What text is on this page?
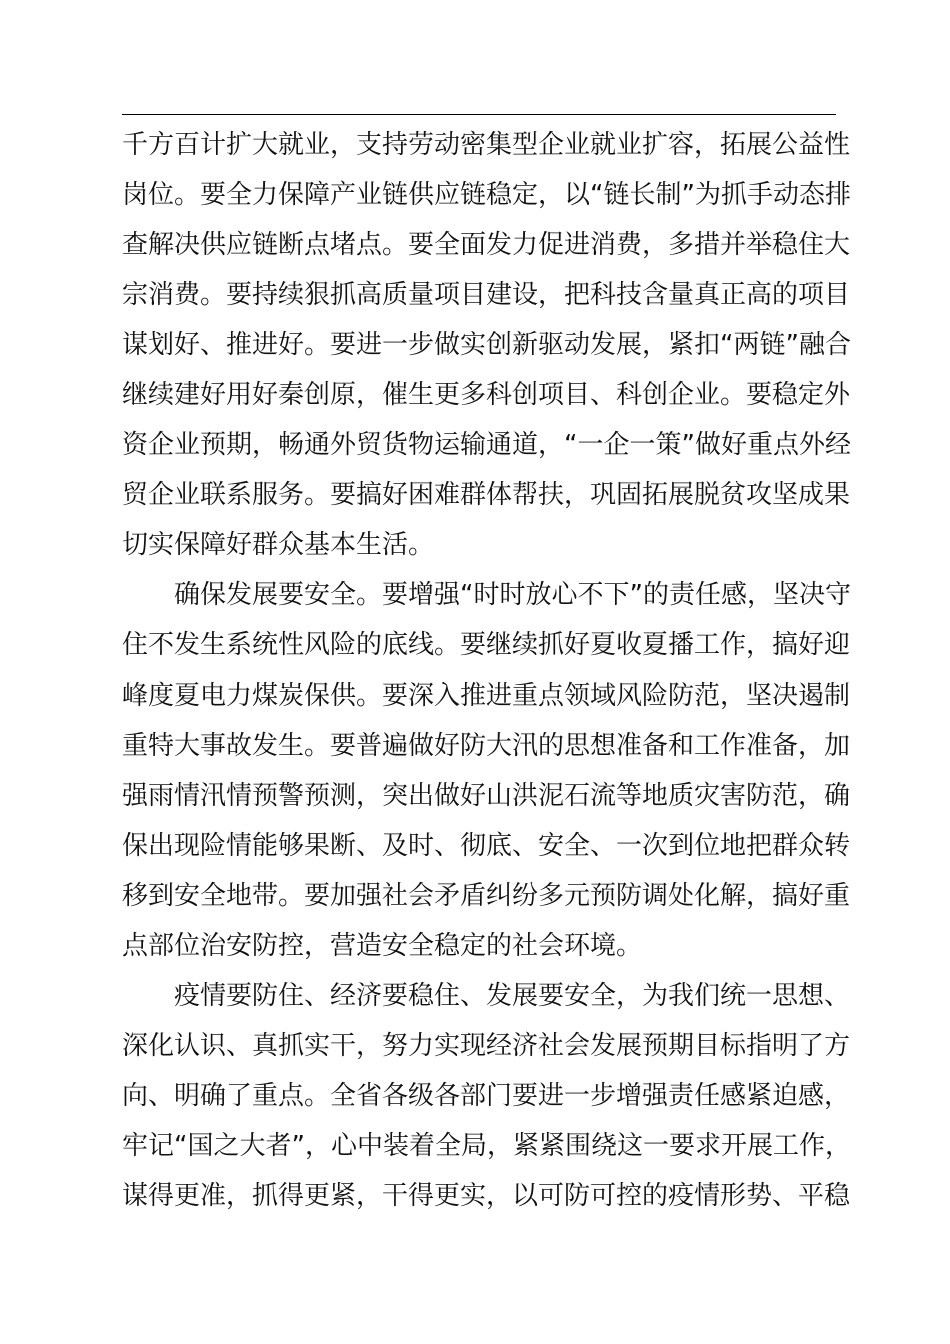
千方百计扩大就业，支持劳动密集型企业就业扩容，拓展公益性
岗位。要全力保障产业链供应链稳定，以“链长制”为抓手动态排
查解决供应链断点堵点。要全面发力促进消费，多措并举稳住大
宗消费。要持续狠抓高质量项目建设，把科技含量真正高的项目
谋划好、推进好。要进一步做实创新驱动发展，紧扣“两链”融合
继续建好用好秦创原，催生更多科创项目、科创企业。要稳定外
资企业预期，畅通外贸货物运输通道，“一企一策”做好重点外经
贸企业联系服务。要搞好困难群体帮扶，巩固拓展脱贫攻坚成果
切实保障好群众基本生活。
确保发展要安全。要增强“时时放心不下”的责任感，坚决守
住不发生系统性风险的底线。要继续抓好夏收夏播工作，搞好迎
峰度夏电力煤炭保供。要深入推进重点领域风险防范，坚决遏制
重特大事故发生。要普遍做好防大汛的思想准备和工作准备，加
强雨情汛情预警预测，突出做好山洪泥石流等地质灾害防范，确
保出现险情能够果断、及时、彻底、安全、一次到位地把群众转
移到安全地带。要加强社会矛盾纠纷多元预防调处化解，搞好重
点部位治安防控，营造安全稳定的社会环境。
疫情要防住、经济要稳住、发展要安全，为我们统一思想、
深化认识、真抓实干，努力实现经济社会发展预期目标指明了方
向、明确了重点。全省各级各部门要进一步增强责任感紧迫感，
牢记“国之大者”，心中装着全局，紧紧围绕这一要求开展工作，
谋得更准，抓得更紧，干得更实，以可防可控的疫情形势、平稳
